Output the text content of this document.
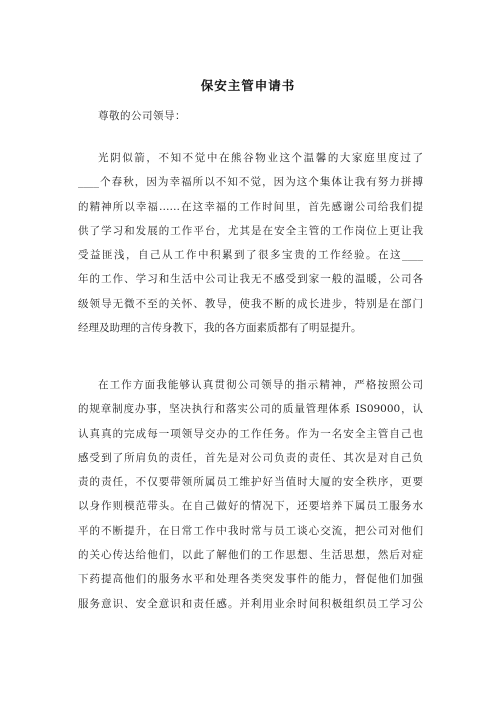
保安主管申请书
尊敬的公司领导：
光阴似箭，不知不觉中在熊谷物业这个温馨的大家庭里度过了
____个春秋，因为幸福所以不知不觉，因为这个集体让我有努力拼搏
的精神所以幸福……在这幸福的工作时间里，首先感谢公司给我们提
供了学习和发展的工作平台，尤其是在安全主管的工作岗位上更让我
受益匪浅，自己从工作中积累到了很多宝贵的工作经验。在这____
年的工作、学习和生活中公司让我无不感受到家一般的温暖，公司各
级领导无微不至的关怀、教导，使我不断的成长进步，特别是在部门
经理及助理的言传身教下，我的各方面素质都有了明显提升。
在工作方面我能够认真贯彻公司领导的指示精神，严格按照公司
的规章制度办事，坚决执行和落实公司的质量管理体系 IS09000，认
认真真的完成每一项领导交办的工作任务。作为一名安全主管自己也
感受到了所肩负的责任，首先是对公司负责的责任、其次是对自己负
责的责任，不仅要带领所属员工维护好当值时大厦的安全秩序，更要
以身作则模范带头。在自己做好的情况下，还要培养下属员工服务水
平的不断提升，在日常工作中我时常与员工谈心交流，把公司对他们
的关心传达给他们，以此了解他们的工作思想、生活思想，然后对症
下药提高他们的服务水平和处理各类突发事件的能力，督促他们加强
服务意识、安全意识和责任感。并利用业余时间积极组织员工学习公
